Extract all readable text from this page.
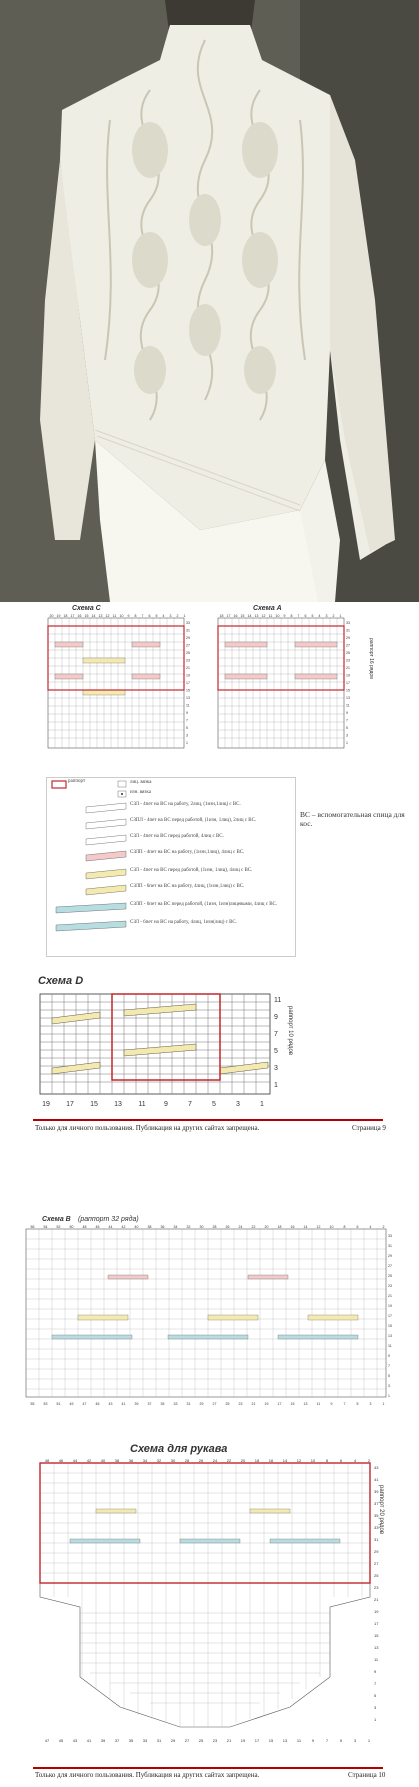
Схема С
20 19 18 17 16 15 14 13 12 11 10 9 8 7 6 5 4 3 2 1
33
31
29
27
25
23
21
19
17
15
13
11
9
7
5
3
1
Схема А
18 17 16 15 14 13 12 11 10 9 8 7 6 5 4 3 2 1
33
31
29
27
25
23
21
19
17
15
13
11
9
7
5
3
1
раппорт 16 рядов
раппорт	лиц. вязка
изн. вязка
СЗЛ - 4пет на ВС на работу, 2лиц, (1изн,1лиц) с ВС.
СЗПЛ - 4пет на ВС перед работой, (1изн, 1лиц), 2лиц с ВС.
СЗЛ - 4пет на ВС перед работой, 4лиц с ВС.
СЗЛП - 4пет на ВС на работу, (1изн,1лиц), 4лиц с ВС.
СЗЛ - 4пет на ВС перед работой, (1изн, 1лиц), 4лиц с ВС.
СЗЛП - 6пет на ВС на работу, 4лиц, (1изн,1лиц) с ВС.
СЗЛП - 6пет на ВС перед работой, (1изн, 1изн)лицевыми, 4лиц с ВС.
СЗЛ - 6пет на ВС на работу, 4лиц, 1изн(лиц) с ВС.
ВС – вспомогательная спица для кос.
Схема D
19 17 15 13 11	9	7	5	3	1
11
9
7
5
3
1
раппорт 10 рядов
Только для личного пользования. Публикация на других сайтах запрещена.	Страница 9
Схема В (раппорт 32 ряда)
56	54	52	50	48	46	44	42	40	38	36	34	32	30	28	26	24	22	20	18	16	14	12	10	8	6	4	2
55	53	51	49	47	45	43	41	39	37	35	33	31	29	27	25	23	21	19	17	15	13	11	9	7	5	3	1
33
31
29
27
25
23
21
19
17
15
13
11
9
7
5
3
1
Схема для рукава
48 46 44 42 40 38 36 34 32 30 28 26 24 22 20 18 16 14 12 10	8	6	4	2
47 45 43 41 39 37 35 33 31 29 27 25 23 21 19 17 15 13 11	9	7	5	3	1
43
41
39
37
35
33
31
29
27
25
23
21
19
17
15
13
11
9
7
5
3
1
раппорт 20 рядов
Только для личного пользования. Публикация на других сайтах запрещена.	Страница 10
